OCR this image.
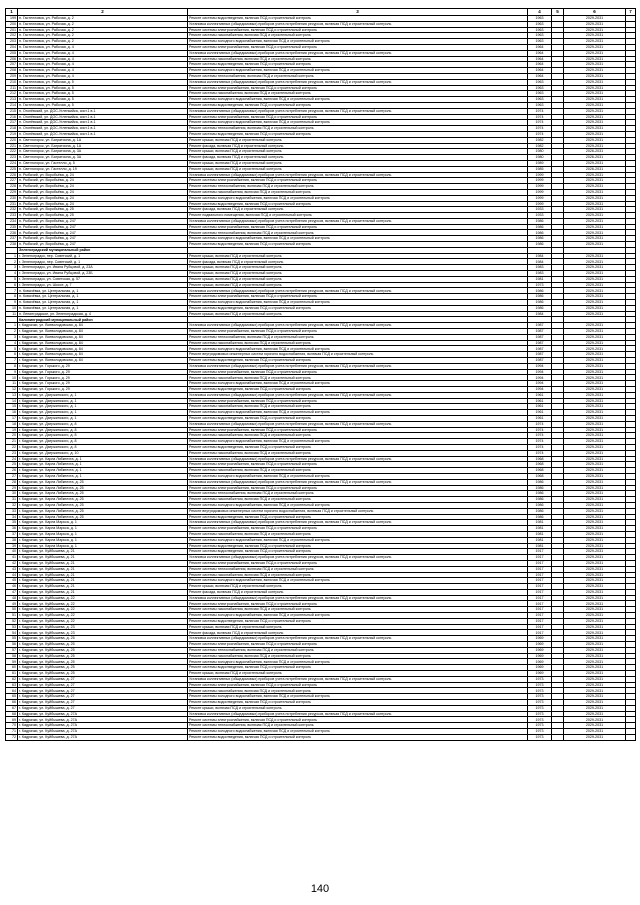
1	2	3	4	5	6	7
199	п. Гастелловка, ул. Рабочая, д. 2	Ремонт системы водоотведения, включая ПСД и строительный контроль	1963		2029-2031	
200	п. Гастелловка, ул. Рабочая, д. 2	Установка коллективных (общедомовых) приборов учета потребления ресурсов, включая ПСД и строительный контроль	1963		2029-2031	
201	п. Гастелловка, ул. Рабочая, д. 2	Ремонт системы электроснабжения, включая ПСД и строительный контроль	1963		2029-2031	
202	п. Гастелловка, ул. Рабочая, д. 2	Ремонт системы газоснабжения, включая ПСД и строительный контроль	1963		2029-2031	
203	п. Гастелловка, ул. Рабочая, д. 2	Ремонт системы холодного водоснабжения, включая ПСД и строительный контроль	1963		2029-2031	
204	п. Гастелловка, ул. Рабочая, д. 4	Ремонт системы электроснабжения, включая ПСД и строительный контроль	1964		2029-2031	
205	п. Гастелловка, ул. Рабочая, д. 4	Установка коллективных (общедомовых) приборов учета потребления ресурсов, включая ПСД и строительный контроль	1964		2029-2031	
206	п. Гастелловка, ул. Рабочая, д. 4	Ремонт системы газоснабжения, включая ПСД и строительный контроль	1964		2029-2031	
207	п. Гастелловка, ул. Рабочая, д. 4	Ремонт системы водоотведения, включая ПСД и строительный контроль	1964		2029-2031	
208	п. Гастелловка, ул. Рабочая, д. 4	Ремонт системы холодного водоснабжения, включая ПСД и строительный контроль	1964		2029-2031	
209	п. Гастелловка, ул. Рабочая, д. 4	Ремонт системы теплоснабжения, включая ПСД и строительный контроль	1964		2029-2031	
210	п. Гастелловка, ул. Рабочая, д. 5	Установка коллективных (общедомовых) приборов учета потребления ресурсов, включая ПСД и строительный контроль	1963		2029-2031	
211	п. Гастелловка, ул. Рабочая, д. 5	Ремонт системы электроснабжения, включая ПСД и строительный контроль	1963		2029-2031	
212	п. Гастелловка, ул. Рабочая, д. 5	Ремонт системы газоснабжения, включая ПСД и строительный контроль	1963		2029-2031	
213	п. Гастелловка, ул. Рабочая, д. 5	Ремонт системы холодного водоснабжения, включая ПСД и строительный контроль	1963		2029-2031	
214	п. Гастелловка, ул. Рабочая, д. 5	Ремонт системы водоотведения, включая ПСД и строительный контроль	1963		2029-2031	
215	п. Огонёвский, ул. ДОС-Угленкийка, сист.1 в.1	Установка коллективных (общедомовых) приборов учета потребления ресурсов, включая ПСД и строительный контроль	1974		2029-2031	
216	п. Огонёвский, ул. ДОС-Угленкийка, сист.1 в.1	Ремонт системы электроснабжения, включая ПСД и строительный контроль	1974		2029-2031	
217	п. Огонёвский, ул. ДОС-Угленкийка, сист.1 в.1	Ремонт системы холодного водоснабжения, включая ПСД и строительный контроль	1974		2029-2031	
218	п. Огонёвский, ул. ДОС-Угленкийка, сист.1 в.1	Ремонт системы теплоснабжения, включая ПСД и строительный контроль	1974		2029-2031	
219	п. Огонёвский, ул. ДОС-Угленкийка, сист.1 в.1	Ремонт системы водоотведения, включая ПСД и строительный контроль	1974		2029-2031	
220	п. Светлогорск, ул. Багратиона, д. 1А	Ремонт крыши, включая ПСД и строительный контроль	1982		2029-2031	
221	п. Светлогорск, ул. Багратиона, д. 1А	Ремонт фасада, включая ПСД и строительный контроль	1982		2029-2031	
222	п. Светлогорск, ул. Багратиона, д. 3А	Ремонт крыши, включая ПСД и строительный контроль	1980		2026-2031	
223	п. Светлогорск, ул. Багратиона, д. 3А	Ремонт фасада, включая ПСД и строительный контроль	1980		2026-2031	
224	п. Светлогорск, ул. Гастелло, д. 5	Ремонт крыши, включая ПСД и строительный контроль	1989		2029-2031	
225	п. Светлогорск, ул. Гастелло, д. 19	Ремонт крыши, включая ПСД и строительный контроль	1985		2026-2031	
226	п. Рыбачий, ул. Воробьёва, д. 24	Установка коллективных (общедомовых) приборов учета потребления ресурсов, включая ПСД и строительный контроль	1999		2029-2031	
227	п. Рыбачий, ул. Воробьёва, д. 24	Ремонт системы электроснабжения, включая ПСД и строительный контроль	1999		2029-2031	
228	п. Рыбачий, ул. Воробьёва, д. 24	Ремонт системы теплоснабжения, включая ПСД и строительный контроль	1999		2029-2031	
229	п. Рыбачий, ул. Воробьёва, д. 24	Ремонт системы газоснабжения, включая ПСД и строительный контроль	1999		2029-2031	
230	п. Рыбачий, ул. Воробьёва, д. 24	Ремонт системы холодного водоснабжения, включая ПСД и строительный контроль	1999		2029-2031	
231	п. Рыбачий, ул. Воробьёва, д. 24	Ремонт системы водоотведения, включая ПСД и строительный контроль	1999		2029-2031	
232	п. Рыбачий, ул. Воробьёва, д. 25	Ремонт фасада, включая ПСД и строительный контроль	1933		2029-2031	
233	п. Рыбачий, ул. Воробьёва, д. 25	Ремонт подвального помещения, включая ПСД и строительный контроль	1933		2029-2031	
234	п. Рыбачий, ул. Воробьёва, д. 247	Установка коллективных (общедомовых) приборов учета потребления ресурсов, включая ПСД и строительный контроль	1986		2029-2031	
235	п. Рыбачий, ул. Воробьёва, д. 247	Ремонт системы электроснабжения, включая ПСД и строительный контроль	1986		2029-2031	
236	п. Рыбачий, ул. Воробьёва, д. 247	Ремонт системы теплоснабжения, включая ПСД и строительный контроль	1986		2029-2031	
237	п. Рыбачий, ул. Воробьёва, д. 247	Ремонт системы холодного водоснабжения, включая ПСД и строительный контроль	1986		2029-2031	
238	п. Рыбачий, ул. Воробьёва, д. 247	Ремонт системы водоотведения, включая ПСД и строительный контроль	1986		2029-2031	
	Зеленоградский муниципальный район					
1	г. Зеленоградск, пер. Советский, д. 1	Ремонт крыши, включая ПСД и строительный контроль	1984		2029-2031	
2	г. Зеленоградск, пер. Советский, д. 1	Ремонт фасада, включая ПСД и строительный контроль	1984		2029-2031	
3	г. Зеленоградск, ул. Ивана Рубцовой, д. 23А	Ремонт крыши, включая ПСД и строительный контроль	1983		2029-2031	
4	г. Зеленоградск, ул. Ивана Рубцовой, д. 23Б	Ремонт крыши, включая ПСД и строительный контроль	1983		2029-2031	
5	г. Зеленоградск, ул. Советская, д. 57	Ремонт крыши, включая ПСД и строительный контроль	1981		2029-2031	
6	г. Зеленоградск, ул. Шоссе, д. 7	Ремонт крыши, включая ПСД и строительный контроль	1973		2029-2031	
7	п. Ковачёвка, ул. Центральная, д. 1	Установка коллективных (общедомовых) приборов учета потребления ресурсов, включая ПСД и строительный контроль	1986		2029-2031	
8	п. Ковачёвка, ул. Центральная, д. 1	Ремонт системы электроснабжения, включая ПСД и строительный контроль	1986		2029-2031	
9	п. Ковачёвка, ул. Центральная, д. 1	Ремонт системы холодного водоснабжения, включая ПСД и строительный контроль	1986		2029-2031	
10	п. Ковачёвка, ул. Центральная, д. 1	Ремонт системы водоотведения, включая ПСД и строительный контроль	1986		2029-2031	
11	п. Ленинградское, ул. Зеленоградская, д. 4	Ремонт крыши, включая ПСД и строительный контроль	1984		2029-2031	
	Калининградский муниципальный район					
1	г. Кадрачки, ул. Всеволодовская, д. 84	Установка коллективных (общедомовых) приборов учета потребления ресурсов, включая ПСД и строительный контроль	1987		2029-2031	
2	г. Кадрачки, ул. Всеволодовская, д. 84	Ремонт системы электроснабжения, включая ПСД и строительный контроль	1987		2029-2031	
3	г. Кадрачки, ул. Всеволодовская, д. 84	Ремонт системы теплоснабжения, включая ПСД и строительный контроль	1987		2029-2031	
4	г. Кадрачки, ул. Всеволодовская, д. 84	Ремонт системы газоснабжения, включая ПСД и строительный контроль	1987		2029-2031	
5	г. Кадрачки, ул. Всеволодовская, д. 84	Ремонт системы холодного водоснабжения, включая ПСД и строительный контроль	1987		2029-2031	
6	г. Кадрачки, ул. Всеволодовская, д. 84	Ремонт внутридомовых инженерных систем горячего водоснабжения, включая ПСД и строительный контроль	1987		2029-2031	
7	г. Кадрачки, ул. Всеволодовская, д. 84	Ремонт системы водоотведения, включая ПСД и строительный контроль	1987		2029-2031	
8	г. Кадрачки, ул. Горького, д. 29	Установка коллективных (общедомовых) приборов учета потребления ресурсов, включая ПСД и строительный контроль	1994		2029-2031	
9	г. Кадрачки, ул. Горького, д. 29	Ремонт системы электроснабжения, включая ПСД и строительный контроль	1994		2029-2031	
10	г. Кадрачки, ул. Горького, д. 29	Ремонт системы газоснабжения, включая ПСД и строительный контроль	1994		2029-2031	
11	г. Кадрачки, ул. Горького, д. 29	Ремонт системы холодного водоснабжения, включая ПСД и строительный контроль	1994		2029-2031	
12	г. Кадрачки, ул. Горького, д. 29	Ремонт системы водоотведения, включая ПСД и строительный контроль	1994		2029-2031	
13	г. Кадрачки, ул. Дзержинского, д. 1	Установка коллективных (общедомовых) приборов учета потребления ресурсов, включая ПСД и строительный контроль	1961		2029-2031	
14	г. Кадрачки, ул. Дзержинского, д. 1	Ремонт системы электроснабжения, включая ПСД и строительный контроль	1961		2029-2031	
15	г. Кадрачки, ул. Дзержинского, д. 1	Ремонт системы газоснабжения, включая ПСД и строительный контроль	1961		2029-2031	
16	г. Кадрачки, ул. Дзержинского, д. 1	Ремонт системы холодного водоснабжения, включая ПСД и строительный контроль	1961		2029-2031	
17	г. Кадрачки, ул. Дзержинского, д. 1	Ремонт системы водоотведения, включая ПСД и строительный контроль	1961		2029-2031	
18	г. Кадрачки, ул. Дзержинского, д. 8	Установка коллективных (общедомовых) приборов учета потребления ресурсов, включая ПСД и строительный контроль	1974		2029-2031	
19	г. Кадрачки, ул. Дзержинского, д. 8	Ремонт системы электроснабжения, включая ПСД и строительный контроль	1974		2029-2031	
20	г. Кадрачки, ул. Дзержинского, д. 8	Ремонт системы газоснабжения, включая ПСД и строительный контроль	1974		2029-2031	
21	г. Кадрачки, ул. Дзержинского, д. 8	Ремонт системы холодного водоснабжения, включая ПСД и строительный контроль	1974		2029-2031	
22	г. Кадрачки, ул. Дзержинского, д. 8	Ремонт системы водоотведения, включая ПСД и строительный контроль	1974		2029-2031	
23	г. Кадрачки, ул. Дзержинского, д. 10	Ремонт системы газоснабжения, включая ПСД и строительный контроль	1974		2029-2031	
24	г. Кадрачки, ул. Карла Либкнехта, д. 1	Установка коллективных (общедомовых) приборов учета потребления ресурсов, включая ПСД и строительный контроль	1968		2029-2031	
25	г. Кадрачки, ул. Карла Либкнехта, д. 1	Ремонт системы электроснабжения, включая ПСД и строительный контроль	1968		2029-2031	
26	г. Кадрачки, ул. Карла Либкнехта, д. 1	Ремонт системы газоснабжения, включая ПСД и строительный контроль	1968		2029-2031	
27	г. Кадрачки, ул. Карла Либкнехта, д. 1	Ремонт системы холодного водоснабжения, включая ПСД и строительный контроль	1968		2029-2031	
28	г. Кадрачки, ул. Карла Либкнехта, д. 25	Установка коллективных (общедомовых) приборов учета потребления ресурсов, включая ПСД и строительный контроль	1986		2029-2031	
29	г. Кадрачки, ул. Карла Либкнехта, д. 25	Ремонт системы электроснабжения, включая ПСД и строительный контроль	1986		2029-2031	
30	г. Кадрачки, ул. Карла Либкнехта, д. 25	Ремонт системы теплоснабжения, включая ПСД и строительный контроль	1986		2029-2031	
31	г. Кадрачки, ул. Карла Либкнехта, д. 25	Ремонт системы газоснабжения, включая ПСД и строительный контроль	1986		2029-2031	
32	г. Кадрачки, ул. Карла Либкнехта, д. 25	Ремонт системы холодного водоснабжения, включая ПСД и строительный контроль	1986		2029-2031	
33	г. Кадрачки, ул. Карла Либкнехта, д. 25	Ремонт внутридомовых инженерных систем горячего водоснабжения, включая ПСД и строительный контроль	1986		2029-2031	
34	г. Кадрачки, ул. Карла Либкнехта, д. 25	Ремонт системы водоотведения, включая ПСД и строительный контроль	1986		2029-2031	
35	г. Кадрачки, ул. Карла Маркса, д. 1	Установка коллективных (общедомовых) приборов учета потребления ресурсов, включая ПСД и строительный контроль	1981		2029-2031	
36	г. Кадрачки, ул. Карла Маркса, д. 1	Ремонт системы электроснабжения, включая ПСД и строительный контроль	1981		2029-2031	
37	г. Кадрачки, ул. Карла Маркса, д. 1	Ремонт системы газоснабжения, включая ПСД и строительный контроль	1981		2029-2031	
38	г. Кадрачки, ул. Карла Маркса, д. 1	Ремонт системы холодного водоснабжения, включая ПСД и строительный контроль	1981		2029-2031	
39	г. Кадрачки, ул. Карла Маркса, д. 1	Ремонт системы водоотведения, включая ПСД и строительный контроль	1981		2029-2031	
40	г. Кадрачки, ул. Куйбышева, д. 21	Ремонт системы водоотведения, включая ПСД и строительный контроль	1917		2029-2031	
41	г. Кадрачки, ул. Куйбышева, д. 21	Установка коллективных (общедомовых) приборов учета потребления ресурсов, включая ПСД и строительный контроль	1917		2029-2031	
42	г. Кадрачки, ул. Куйбышева, д. 21	Ремонт системы электроснабжения, включая ПСД и строительный контроль	1917		2029-2031	
43	г. Кадрачки, ул. Куйбышева, д. 21	Ремонт системы теплоснабжения, включая ПСД и строительный контроль	1917		2029-2031	
44	г. Кадрачки, ул. Куйбышева, д. 21	Ремонт системы газоснабжения, включая ПСД и строительный контроль	1917		2029-2031	
45	г. Кадрачки, ул. Куйбышева, д. 21	Ремонт системы холодного водоснабжения, включая ПСД и строительный контроль	1917		2029-2031	
46	г. Кадрачки, ул. Куйбышева, д. 21	Ремонт крыши, включая ПСД и строительный контроль	1917		2029-2031	
47	г. Кадрачки, ул. Куйбышева, д. 21	Ремонт фасада, включая ПСД и строительный контроль	1917		2029-2031	
48	г. Кадрачки, ул. Куйбышева, д. 22	Установка коллективных (общедомовых) приборов учета потребления ресурсов, включая ПСД и строительный контроль	1917		2029-2031	
49	г. Кадрачки, ул. Куйбышева, д. 22	Ремонт системы электроснабжения, включая ПСД и строительный контроль	1917		2029-2031	
50	г. Кадрачки, ул. Куйбышева, д. 22	Ремонт системы газоснабжения, включая ПСД и строительный контроль	1917		2029-2031	
51	г. Кадрачки, ул. Куйбышева, д. 22	Ремонт системы холодного водоснабжения, включая ПСД и строительный контроль	1917		2029-2031	
52	г. Кадрачки, ул. Куйбышева, д. 22	Ремонт системы водоотведения, включая ПСД и строительный контроль	1917		2029-2031	
53	г. Кадрачки, ул. Куйбышева, д. 23	Ремонт крыши, включая ПСД и строительный контроль	1917		2029-2031	
54	г. Кадрачки, ул. Куйбышева, д. 23	Ремонт фасада, включая ПСД и строительный контроль	1917		2029-2031	
55	г. Кадрачки, ул. Куйбышева, д. 25	Установка коллективных (общедомовых) приборов учета потребления ресурсов, включая ПСД и строительный контроль	1969		2029-2031	
56	г. Кадрачки, ул. Куйбышева, д. 25	Ремонт системы электроснабжения, включая ПСД и строительный контроль	1969		2029-2031	
57	г. Кадрачки, ул. Куйбышева, д. 25	Ремонт системы теплоснабжения, включая ПСД и строительный контроль	1969		2029-2031	
58	г. Кадрачки, ул. Куйбышева, д. 25	Ремонт системы газоснабжения, включая ПСД и строительный контроль	1969		2029-2031	
59	г. Кадрачки, ул. Куйбышева, д. 25	Ремонт системы холодного водоснабжения, включая ПСД и строительный контроль	1969		2029-2031	
60	г. Кадрачки, ул. Куйбышева, д. 25	Ремонт системы водоотведения, включая ПСД и строительный контроль	1969		2029-2031	
61	г. Кадрачки, ул. Куйбышева, д. 25	Ремонт крыши, включая ПСД и строительный контроль	1969		2029-2031	
62	г. Кадрачки, ул. Куйбышева, д. 27	Установка коллективных (общедомовых) приборов учета потребления ресурсов, включая ПСД и строительный контроль	1973		2029-2031	
63	г. Кадрачки, ул. Куйбышева, д. 27	Ремонт системы электроснабжения, включая ПСД и строительный контроль	1973		2029-2031	
64	г. Кадрачки, ул. Куйбышева, д. 27	Ремонт системы газоснабжения, включая ПСД и строительный контроль	1973		2029-2031	
65	г. Кадрачки, ул. Куйбышева, д. 27	Ремонт системы холодного водоснабжения, включая ПСД и строительный контроль	1973		2029-2031	
66	г. Кадрачки, ул. Куйбышева, д. 27	Ремонт системы водоотведения, включая ПСД и строительный контроль	1973		2029-2031	
67	г. Кадрачки, ул. Куйбышева, д. 27	Ремонт крыши, включая ПСД и строительный контроль	1973		2029-2031	
68	г. Кадрачки, ул. Куйбышева, д. 27А	Установка коллективных (общедомовых) приборов учета потребления ресурсов, включая ПСД и строительный контроль	1973		2029-2031	
69	г. Кадрачки, ул. Куйбышева, д. 27А	Ремонт системы электроснабжения, включая ПСД и строительный контроль	1973		2029-2031	
70	г. Кадрачки, ул. Куйбышева, д. 27А	Ремонт системы теплоснабжения, включая ПСД и строительный контроль	1973		2029-2031	
71	г. Кадрачки, ул. Куйбышева, д. 27А	Ремонт системы холодного водоснабжения, включая ПСД и строительный контроль	1973		2029-2031	
72	г. Кадрачки, ул. Куйбышева, д. 27А	Ремонт системы водоотведения, включая ПСД и строительный контроль	1973		2029-2031	
140
